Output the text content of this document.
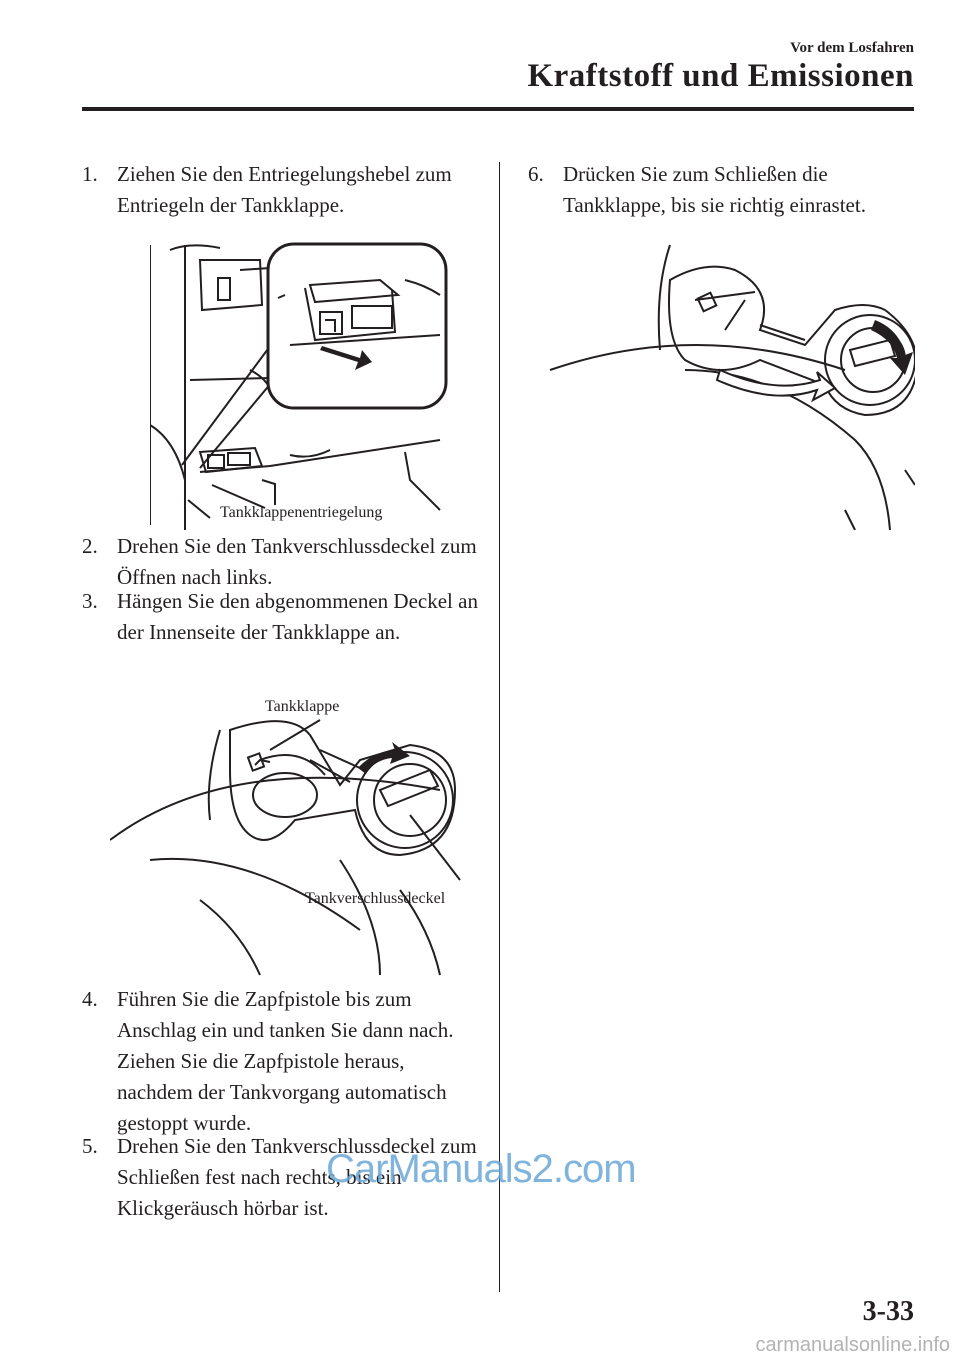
Vor dem Losfahren
Kraftstoff und Emissionen
1. Ziehen Sie den Entriegelungshebel zum Entriegeln der Tankklappe.
Tankklappenentriegelung
2. Drehen Sie den Tankverschlussdeckel zum Öffnen nach links.
3. Hängen Sie den abgenommenen Deckel an der Innenseite der Tankklappe an.
Tankklappe
Tankverschlussdeckel
4. Führen Sie die Zapfpistole bis zum Anschlag ein und tanken Sie dann nach. Ziehen Sie die Zapfpistole heraus, nachdem der Tankvorgang automatisch gestoppt wurde.
5. Drehen Sie den Tankverschlussdeckel zum Schließen fest nach rechts, bis ein Klickgeräusch hörbar ist.
6. Drücken Sie zum Schließen die Tankklappe, bis sie richtig einrastet.
3-33
CarManuals2.com
carmanualsonline.info
